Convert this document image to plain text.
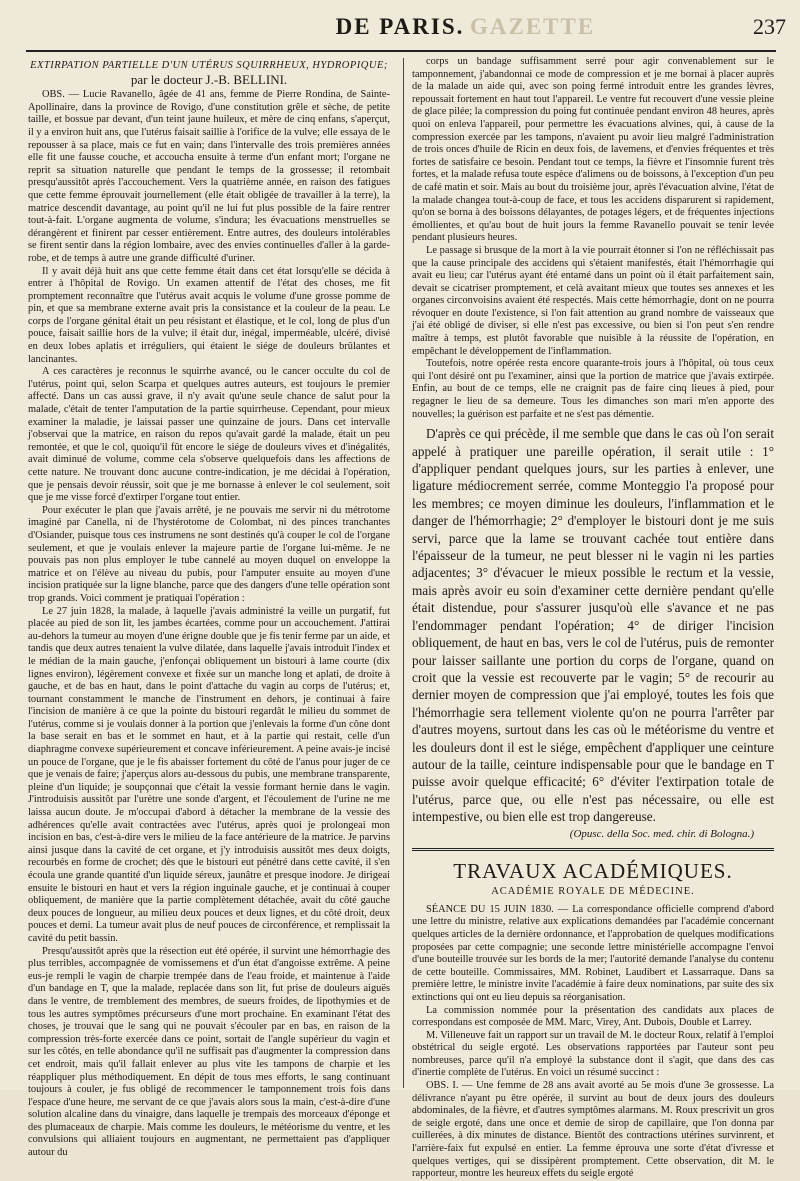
DE PARIS. GAZETTE	237
EXTIRPATION PARTIELLE D'UN UTÉRUS SQUIRRHEUX, HYDROPIQUE;
par le docteur J.-B. BELLINI.

OBS. — Lucie Ravanello, âgée de 41 ans, femme de Pierre Rondina, de Sainte-Apollinaire, dans la province de Rovigo, d'une constitution grêle et sèche, de petite taille, et bossue par devant, d'un teint jaune huileux, et mère de cinq enfans, s'aperçut, il y a environ huit ans, que l'utérus faisait saillie à l'orifice de la vulve; elle essaya de le repousser à sa place, mais ce fut en vain; dans l'intervalle des trois premières années elle fit une fausse couche, et accoucha ensuite à terme d'un enfant mort; l'organe ne reprit sa situation naturelle que pendant le temps de la grossesse; il retombait presqu'aussitôt après l'accouchement. Vers la quatrième année, en raison des fatigues que cette femme éprouvait journellement (elle était obligée de travailler à la terre), la matrice descendit davantage, au point qu'il ne lui fut plus possible de la faire rentrer tout-à-fait. L'organe augmenta de volume, s'indura; les évacuations menstruelles se dérangèrent et finirent par cesser entièrement. Entre autres, des douleurs intolérables se firent sentir dans la région lombaire, avec des envies continuelles d'aller à la garde-robe, et de temps à autre une grande difficulté d'uriner.

Il y avait déjà huit ans que cette femme était dans cet état lorsqu'elle se décida à entrer à l'hôpital de Rovigo. Un examen attentif de l'état des choses, me fit promptement reconnaître que l'utérus avait acquis le volume d'une grosse pomme de pin, et que sa membrane externe avait pris la consistance et la couleur de la peau. Le corps de l'organe génital était un peu résistant et élastique, et le col, long de plus d'un pouce, faisait saillie hors de la vulve; il était dur, inégal, imperméable, ulcéré, divisé en deux lobes aplatis et irréguliers, qui étaient le siége de douleurs brûlantes et lancinantes.

A ces caractères je reconnus le squirrhe avancé, ou le cancer occulte du col de l'utérus, point qui, selon Scarpa et quelques autres auteurs, est toujours le premier affecté. Dans un cas aussi grave, il n'y avait qu'une seule chance de salut pour la malade, c'était de tenter l'amputation de la partie squirrheuse. Cependant, pour mieux examiner la maladie, je laissai passer une quinzaine de jours. Dans cet intervalle j'observai que la matrice, en raison du repos qu'avait gardé la malade, était un peu remontée, et que le col, quoiqu'il fût encore le siége de douleurs vives et d'inégalités, avait diminué de volume, comme cela s'observe quelquefois dans les affections de cette nature. Ne trouvant donc aucune contre-indication, je me décidai à l'opération, que je pensais devoir réussir, soit que je me bornasse à enlever le col seulement, soit que je me visse forcé d'extirper l'organe tout entier.

Pour exécuter le plan que j'avais arrêté, je ne pouvais me servir ni du métrotome imaginé par Canella, ni de l'hystérotome de Colombat, ni des pinces tranchantes d'Osiander, puisque tous ces instrumens ne sont destinés qu'à couper le col de l'organe seulement, et que je voulais enlever la majeure partie de l'organe lui-même. Je ne pouvais pas non plus employer le tube cannelé au moyen duquel on enveloppe la matrice et on l'élève au niveau du pubis, pour l'amputer ensuite au moyen d'une incision pratiquée sur la ligne blanche, parce que des dangers d'une telle opération sont trop grands. Voici comment je pratiquai l'opération :

Le 27 juin 1828, la malade, à laquelle j'avais administré la veille un purgatif, fut placée au pied de son lit, les jambes écartées, comme pour un accouchement. J'attirai au-dehors la tumeur au moyen d'une érigne double que je fis tenir ferme par un aide, et tandis que deux autres tenaient la vulve dilatée, dans laquelle j'avais introduit l'index et le médian de la main gauche, j'enfonçai obliquement un bistouri à lame courte (dix lignes environ), légèrement convexe et fixée sur un manche long et aplati, de droite à gauche, et de bas en haut, dans le point d'attache du vagin au corps de l'utérus; et, tournant constamment le manche de l'instrument en dehors, je continuai à faire l'incision de manière à ce que la pointe du bistouri regardât le milieu du sommet de l'utérus, comme si je voulais donner à la portion que j'enlevais la forme d'un cône dont la base serait en bas et le sommet en haut, et à la partie qui restait, celle d'un diaphragme convexe supérieurement et concave inférieurement. A peine avais-je incisé un pouce de l'organe, que je le fis abaisser fortement du côté de l'anus pour juger de ce que je venais de faire; j'aperçus alors au-dessous du pubis, une membrane transparente, pleine d'un liquide; je soupçonnai que c'était la vessie formant hernie dans le vagin. J'introduisis aussitôt par l'urètre une sonde d'argent, et l'écoulement de l'urine ne me laissa aucun doute. Je m'occupai d'abord à détacher la membrane de la vessie des adhérences qu'elle avait contractées avec l'utérus, après quoi je prolongeai mon incision en bas, c'est-à-dire vers le milieu de la face antérieure de la matrice. Je parvins ainsi jusque dans la cavité de cet organe, et j'y introduisis aussitôt mes deux doigts, recourbés en forme de crochet; dès que le bistouri eut pénétré dans cette cavité, il s'en écoula une grande quantité d'un liquide séreux, jaunâtre et presque inodore. Je dirigeai ensuite le bistouri en haut et vers la région inguinale gauche, et je continuai à couper obliquement, de manière que la partie complètement détachée, avait du côté gauche deux pouces de longueur, au milieu deux pouces et deux lignes, et du côté droit, deux pouces et demi. La tumeur avait plus de neuf pouces de circonférence, et remplissait la cavité du petit bassin.

Presqu'aussitôt après que la résection eut été opérée, il survint une hémorrhagie des plus terribles, accompagnée de vomissemens et d'un état d'angoisse extrême. A peine eus-je rempli le vagin de charpie trempée dans de l'eau froide, et maintenue à l'aide d'un bandage en T, que la malade, replacée dans son lit, fut prise de douleurs aiguës dans le ventre, de tremblement des membres, de sueurs froides, de lipothymies et de tous les autres symptômes précurseurs d'une mort prochaine. En examinant l'état des choses, je trouvai que le sang qui ne pouvait s'écouler par en bas, en raison de la compression très-forte exercée dans ce point, sortait de l'angle supérieur du vagin et sur les côtés, en telle abondance qu'il ne suffisait pas d'augmenter la compression dans cet endroit, mais qu'il fallait enlever au plus vite les tampons de charpie et les réappliquer plus méthodiquement. En dépit de tous mes efforts, le sang continuant toujours à couler, je fus obligé de recommencer le tamponnement trois fois dans l'espace d'une heure, me servant de ce que j'avais alors sous la main, c'est-à-dire d'une solution alcaline dans du vinaigre, dans laquelle je trempais des morceaux d'éponge et des plumaceaux de charpie. Mais comme les douleurs, le météorisme du ventre, et les convulsions qui alliaient toujours en augmentant, ne permettaient pas d'appliquer autour du

corps un bandage suffisamment serré pour agir convenablement sur le tamponnement, j'abandonnai ce mode de compression et je me bornai à placer auprès de la malade un aide qui, avec son poing fermé introduit entre les grandes lèvres, repoussait fortement en haut tout l'appareil. Le ventre fut recouvert d'une vessie pleine de glace pilée; la compression du poing fut continuée pendant environ 48 heures, après quoi on enleva l'appareil, pour permettre les évacuations alvines, qui, à cause de la compression exercée par les tampons, n'avaient pu avoir lieu malgré l'administration de trois onces d'huile de Ricin en deux fois, de lavemens, et d'envies fréquentes et très fortes de satisfaire ce besoin. Pendant tout ce temps, la fièvre et l'insomnie furent très fortes, et la malade refusa toute espèce d'alimens ou de boissons, à l'exception d'un peu de café matin et soir. Mais au bout du troisième jour, après l'évacuation alvine, l'état de la malade changea tout-à-coup de face, et tous les accidens disparurent si rapidement, qu'on se borna à des boissons délayantes, de potages légers, et de fréquentes injections émollientes, et qu'au bout de huit jours la femme Ravanello pouvait se tenir levée pendant plusieurs heures.

Le passage si brusque de la mort à la vie pourrait étonner si l'on ne réfléchissait pas que la cause principale des accidens qui s'étaient manifestés, était l'hémorrhagie qui avait eu lieu; car l'utérus ayant été entamé dans un point où il était parfaitement sain, devait se cicatriser promptement, et celà avaitant mieux que toutes ses annexes et les organes circonvoisins avaient été respectés. Mais cette hémorrhagie, dont on ne pourra révoquer en doute l'existence, si l'on fait attention au grand nombre de vaisseaux que j'ai été obligé de diviser, si elle n'est pas excessive, ou bien si l'on peut s'en rendre maître à temps, est plutôt favorable que nuisible à la réussite de l'opération, en empêchant le développement de l'inflammation.

Toutefois, notre opérée resta encore quarante-trois jours à l'hôpital, où tous ceux qui l'ont désiré ont pu l'examiner, ainsi que la portion de matrice que j'avais extirpée. Enfin, au bout de ce temps, elle ne craignit pas de faire cinq lieues à pied, pour regagner le lieu de sa demeure. Tous les dimanches son mari m'en apporte des nouvelles; la guérison est parfaite et ne s'est pas démentie.

D'après ce qui précède, il me semble que dans le cas où l'on serait appelé à pratiquer une pareille opération, il serait utile : 1° d'appliquer pendant quelques jours, sur les parties à enlever, une ligature médiocrement serrée, comme Monteggio l'a proposé pour les membres; ce moyen diminue les douleurs, l'inflammation et le danger de l'hémorrhagie; 2° d'employer le bistouri dont je me suis servi, parce que la lame se trouvant cachée tout entière dans l'épaisseur de la tumeur, ne peut blesser ni le vagin ni les parties adjacentes; 3° d'évacuer le mieux possible le rectum et la vessie, mais après avoir eu soin d'examiner cette dernière pendant qu'elle était distendue, pour s'assurer jusqu'où elle s'avance et ne pas l'endommager pendant l'opération; 4° de diriger l'incision obliquement, de haut en bas, vers le col de l'utérus, puis de remonter pour laisser saillante une portion du corps de l'organe, quand on croit que la vessie est recouverte par le vagin; 5° de recourir au dernier moyen de compression que j'ai employé, toutes les fois que l'hémorrhagie sera tellement violente qu'on ne pourra l'arrêter par d'autres moyens, surtout dans les cas où le météorisme du ventre et les douleurs dont il est le siége, empêchent d'appliquer une ceinture autour de la taille, ceinture indispensable pour que le bandage en T puisse avoir quelque efficacité; 6° d'éviter l'extirpation totale de l'utérus, parce que, ou elle n'est pas nécessaire, ou elle est intempestive, ou bien elle est trop dangereuse.

(Opusc. della Soc. med. chir. di Bologna.)
TRAVAUX ACADÉMIQUES.
ACADÉMIE ROYALE DE MÉDECINE.

SÉANCE DU 15 JUIN 1830. — La correspondance officielle comprend d'abord une lettre du ministre, relative aux explications demandées par l'académie concernant quelques articles de la dernière ordonnance, et l'approbation de quelques modifications proposées par cette compagnie; une seconde lettre ministérielle accompagne l'envoi d'une bouteille trouvée sur les bords de la mer; l'autorité demande l'analyse du contenu de cette bouteille. Commissaires, MM. Robinet, Laudibert et Lassarraque. Dans sa première lettre, le ministre invite l'académie à faire deux nominations, par suite des six extinctions qui ont eu lieu depuis sa réorganisation.

La commission nommée pour la présentation des candidats aux places de correspondans est composée de MM. Marc, Virey, Ant. Dubois, Double et Larrey.

M. Villeneuve fait un rapport sur un travail de M. le docteur Roux, relatif à l'emploi obstétrical du seigle ergoté. Les observations rapportées par l'auteur sont peu nombreuses, parce qu'il n'a employé la substance dont il s'agit, que dans des cas d'inertie complète de l'utérus. En voici un résumé succinct :

OBS. I. — Une femme de 28 ans avait avorté au 5e mois d'une 3e grossesse. La délivrance n'ayant pu être opérée, il survint au bout de deux jours des douleurs abdominales, de la fièvre, et d'autres symptômes alarmans. M. Roux prescrivit un gros de seigle ergoté, dans une once et demie de sirop de capillaire, que l'on donna par cuillerées, à dix minutes de distance. Bientôt des contractions utérines survinrent, et l'arrière-faix fut expulsé en entier. La femme éprouva une sorte d'état d'ivresse et quelques vertiges, qui se dissipèrent promptement. Cette observation, dit M. le rapporteur, montre les heureux effets du seigle ergoté
